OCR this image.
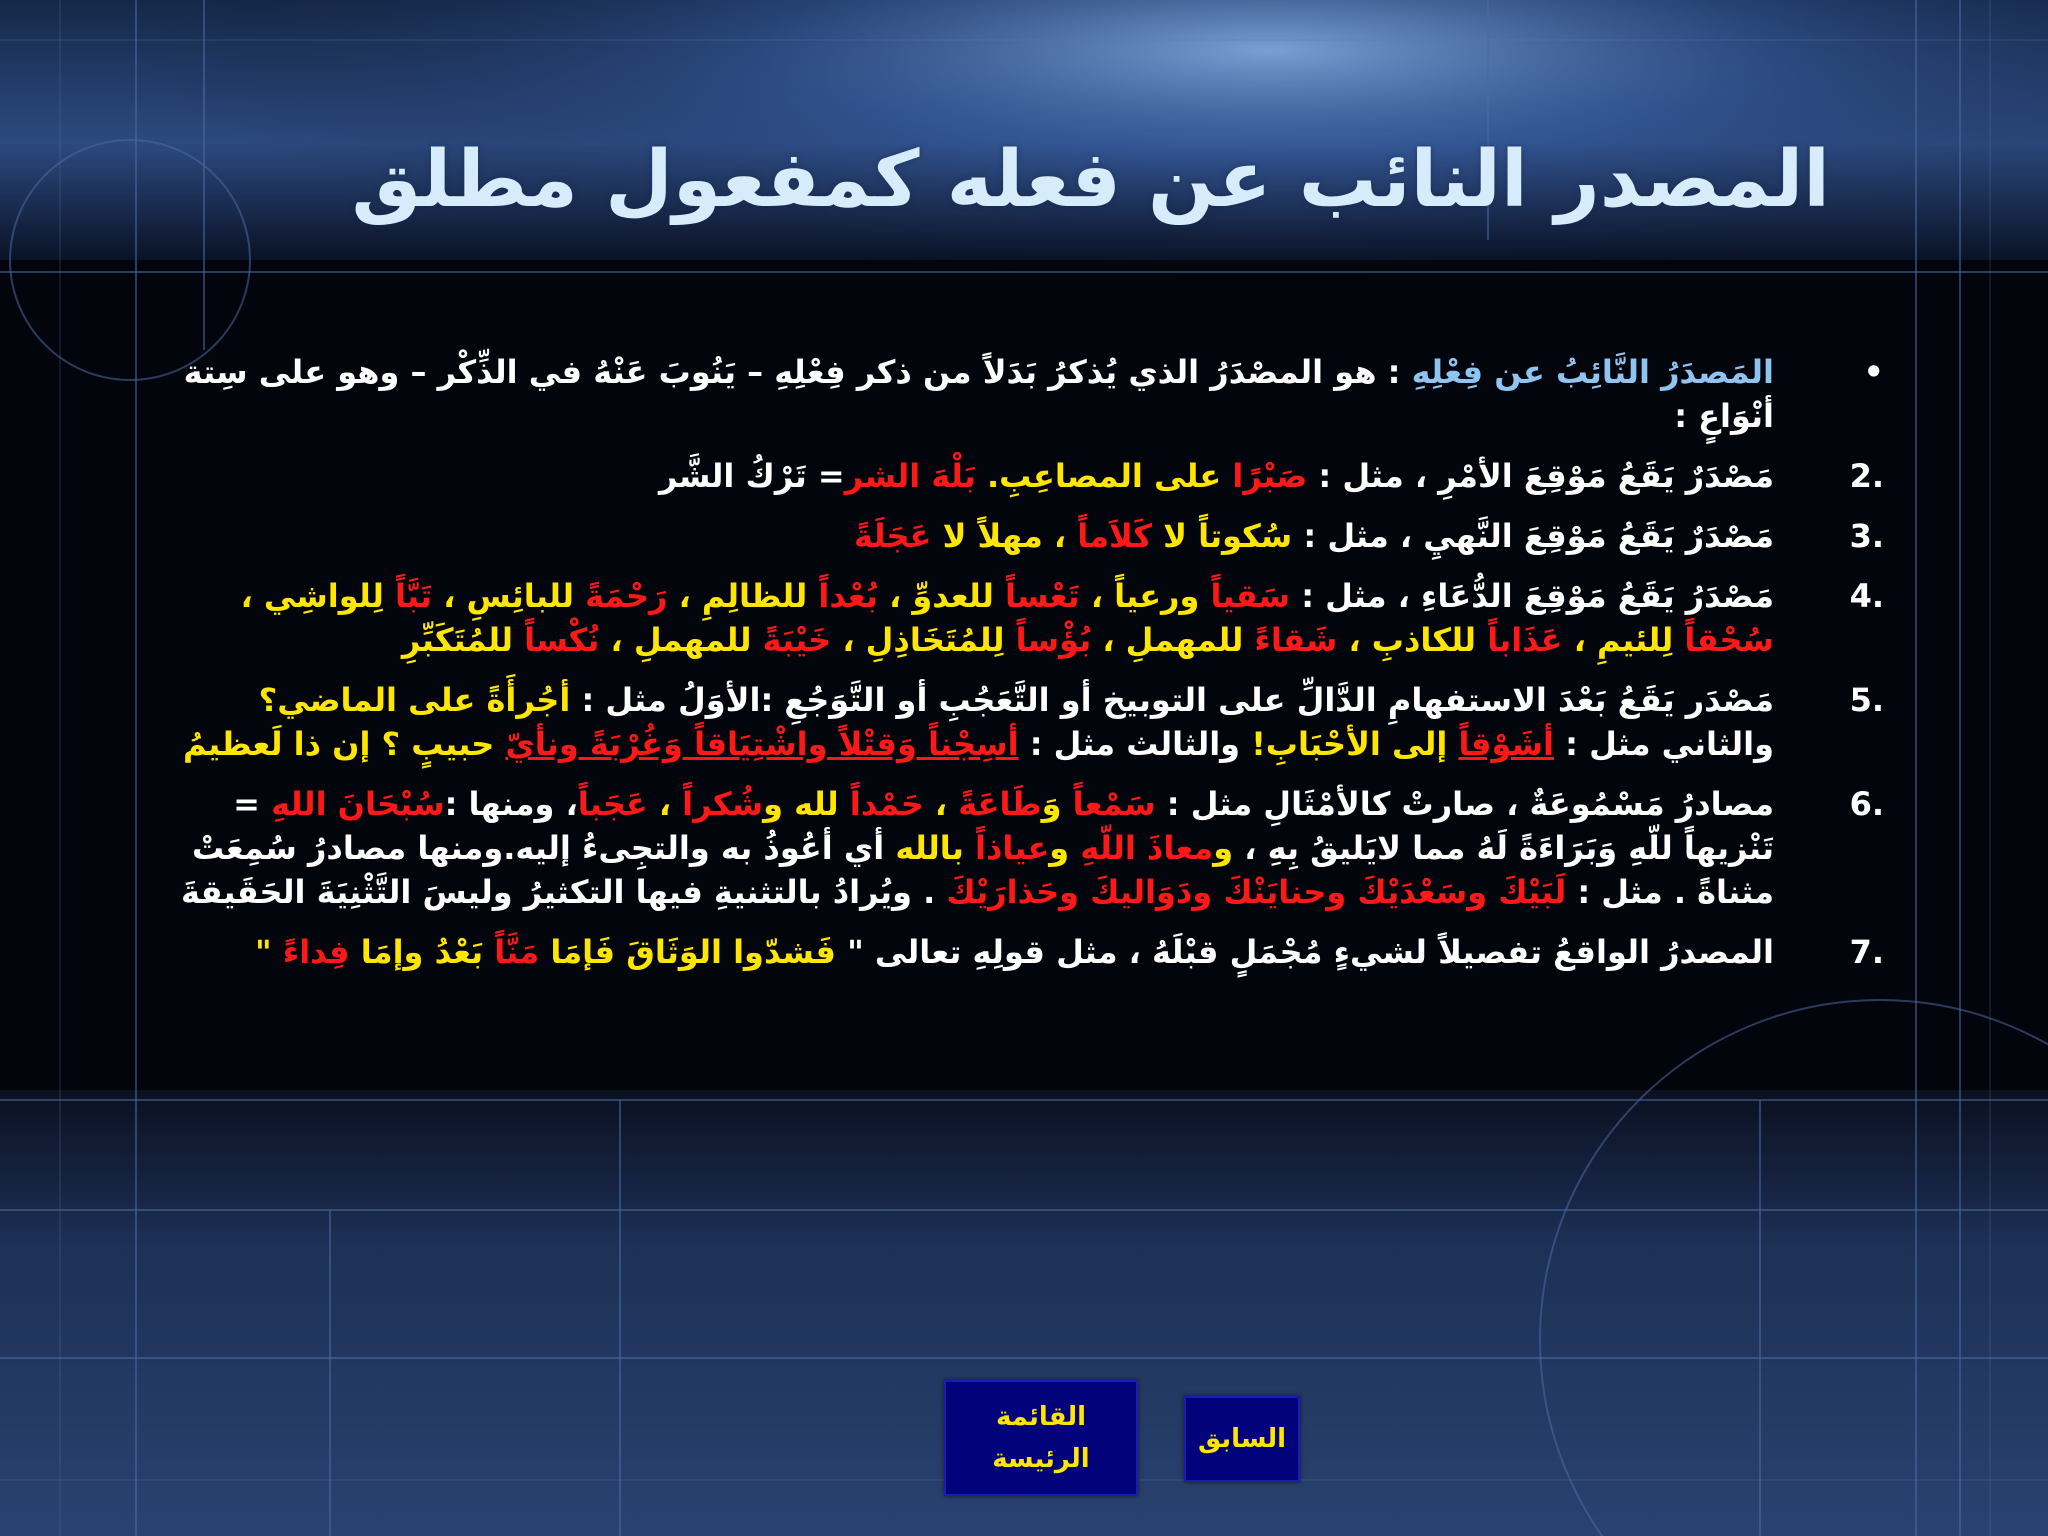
المصدر النائب عن فعله كمفعول مطلق
•
المَصدَرُ النَّائِبُ عن فِعْلِهِ : هو المصْدَرُ الذي يُذكرُ بَدَلاً من ذكر فِعْلِهِ – يَنُوبَ عَنْهُ في الذِّكْر – وهو على سِتة أنْوَاعٍ :
.2
مَصْدَرٌ يَقَعُ مَوْقِعَ الأمْرِ ، مثل : صَبْرًا على المصاعِبِ. بَلْهَ الشر= تَرْكُ الشَّر
.3
مَصْدَرٌ يَقَعُ مَوْقِعَ النَّهيِ ، مثل : سُكوتاً لا كَلاَماً ، مهلاً لا عَجَلَةً
.4
مَصْدَرُ يَقَعُ مَوْقِعَ الدُّعَاءِ ، مثل : سَقياً ورعياً ، تَعْساً للعدوِّ ، بُعْداً للظالِمِ ، رَحْمَةً للبائِسِ ، تَبَّاً لِلواشِي ، سُحْقاً لِلئيمِ ، عَذَاباً للكاذبِ ، شَقاءً للمهملِ ، بُؤْساً لِلمُتَخَاذِلِ ، خَيْبَةً للمهملِ ، نُكْساً للمُتَكَبِّرِ
.5
مَصْدَر يَقَعُ بَعْدَ الاستفهامِ الدَّالِّ على التوبيخ أو التَّعَجُبِ أو التَّوَجُعِ :الأوَلُ مثل : أجُرأَةً على الماضي؟ والثاني مثل : أشَوْقاً إلى الأحْبَابِ! والثالث مثل : أسِجْناً وَقتْلاً واشْتِيَاقاً وَغُرْبَةً ونأيّ حبيبٍ ؟ إن ذا لَعظيمُ
.6
مصادرُ مَسْمُوعَةٌ ، صارتْ كالأمْثَالِ مثل : سَمْعاً وَطَاعَةً ، حَمْداً لله وشُكراً ، عَجَباً، ومنها :سُبْحَانَ اللهِ = تَنْزيهاً للّهِ وَبَرَاءَةً لَهُ مما لايَليقُ بِهِ ، ومعاذَ اللّهِ وعياذاً بالله أي أعُوذُ به والتجِىءُ إليه.ومنها مصادرُ سُمِعَتْ مثناةً . مثل : لَبَيْكَ وسَعْدَيْكَ وحنايَنْكَ ودَوَاليكَ وحَذارَيْكَ . ويُرادُ بالتثنيةِ فيها التكثيرُ وليسَ التَّثْنِيَةَ الحَقَيقةَ
.7
المصدرُ الواقعُ تفصيلاً لشيءٍ مُجْمَلٍ قبْلَهُ ، مثل قولِهِ تعالى " فَشدّوا الوَثَاقَ فَإمَا مَنَّاً بَعْدُ وإمَا فِداءً "
القائمة الرئيسة
السابق
